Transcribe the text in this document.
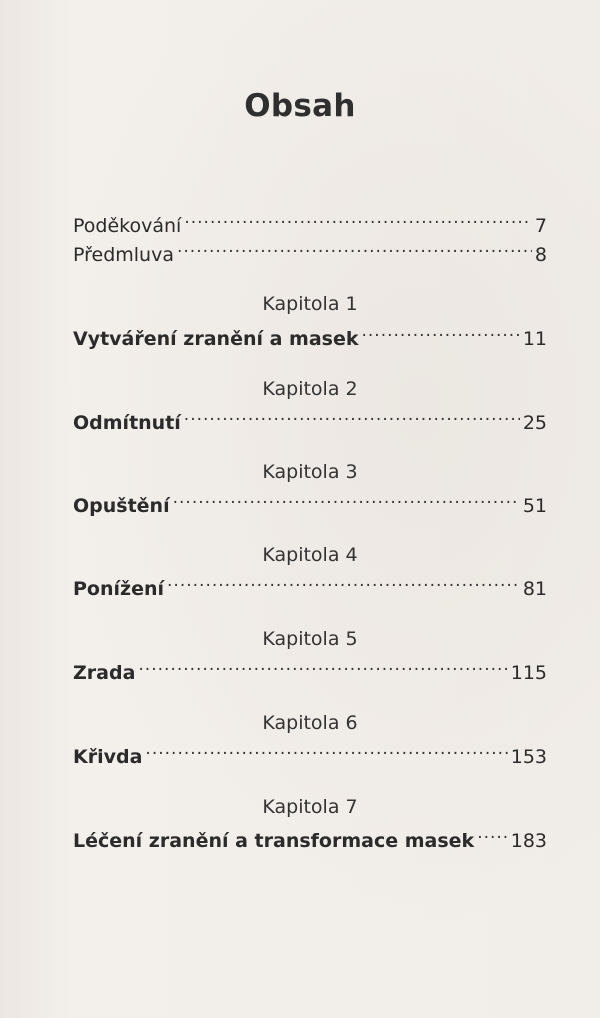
Obsah
Poděkování .....	7
Předmluva .....	8
Kapitola 1
Vytváření zranění a masek .....	11
Kapitola 2
Odmítnutí .....	25
Kapitola 3
Opuštění .....	51
Kapitola 4
Ponížení .....	81
Kapitola 5
Zrada .....	115
Kapitola 6
Křivda .....	153
Kapitola 7
Léčení zranění a transformace masek ..... 183
